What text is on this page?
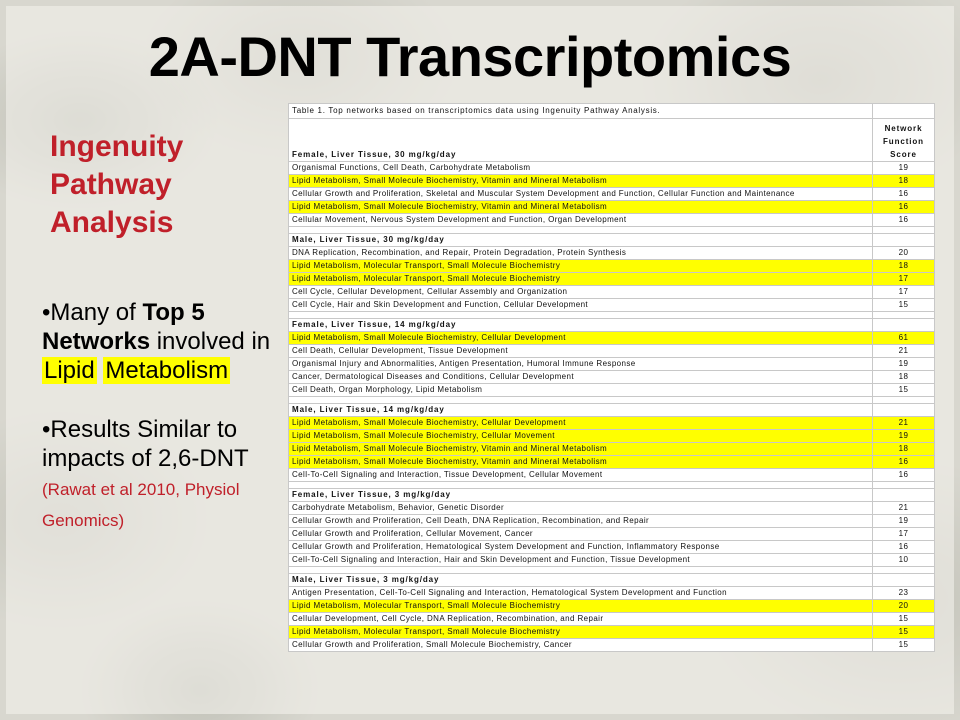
2A-DNT Transcriptomics
Ingenuity
Pathway
Analysis
•Many of Top 5 Networks involved in Lipid Metabolism
•Results Similar to impacts of 2,6-DNT (Rawat et al 2010, Physiol Genomics)
Table 1. Top networks based on transcriptomics data using Ingenuity Pathway Analysis.	
Female, Liver Tissue, 30 mg/kg/day	Network
Function
Score

Organismal Functions, Cell Death, Carbohydrate Metabolism	19
Lipid Metabolism, Small Molecule Biochemistry, Vitamin and Mineral Metabolism	18
Cellular Growth and Proliferation, Skeletal and Muscular System Development and Function, Cellular Function and Maintenance	16
Lipid Metabolism, Small Molecule Biochemistry, Vitamin and Mineral Metabolism	16
Cellular Movement, Nervous System Development and Function, Organ Development	16

Male, Liver Tissue, 30 mg/kg/day	
DNA Replication, Recombination, and Repair, Protein Degradation, Protein Synthesis	20
Lipid Metabolism, Molecular Transport, Small Molecule Biochemistry	18
Lipid Metabolism, Molecular Transport, Small Molecule Biochemistry	17
Cell Cycle, Cellular Development, Cellular Assembly and Organization	17
Cell Cycle, Hair and Skin Development and Function, Cellular Development	15

Female, Liver Tissue, 14 mg/kg/day	
Lipid Metabolism, Small Molecule Biochemistry, Cellular Development	61
Cell Death, Cellular Development, Tissue Development	21
Organismal Injury and Abnormalities, Antigen Presentation, Humoral Immune Response	19
Cancer, Dermatological Diseases and Conditions, Cellular Development	18
Cell Death, Organ Morphology, Lipid Metabolism	15

Male, Liver Tissue, 14 mg/kg/day	
Lipid Metabolism, Small Molecule Biochemistry, Cellular Development	21
Lipid Metabolism, Small Molecule Biochemistry, Cellular Movement	19
Lipid Metabolism, Small Molecule Biochemistry, Vitamin and Mineral Metabolism	18
Lipid Metabolism, Small Molecule Biochemistry, Vitamin and Mineral Metabolism	16
Cell-To-Cell Signaling and Interaction, Tissue Development, Cellular Movement	16

Female, Liver Tissue, 3 mg/kg/day	
Carbohydrate Metabolism, Behavior, Genetic Disorder	21
Cellular Growth and Proliferation, Cell Death, DNA Replication, Recombination, and Repair	19
Cellular Growth and Proliferation, Cellular Movement, Cancer	17
Cellular Growth and Proliferation, Hematological System Development and Function, Inflammatory Response	16
Cell-To-Cell Signaling and Interaction, Hair and Skin Development and Function, Tissue Development	10

Male, Liver Tissue, 3 mg/kg/day	
Antigen Presentation, Cell-To-Cell Signaling and Interaction, Hematological System Development and Function	23
Lipid Metabolism, Molecular Transport, Small Molecule Biochemistry	20
Cellular Development, Cell Cycle, DNA Replication, Recombination, and Repair	15
Lipid Metabolism, Molecular Transport, Small Molecule Biochemistry	15
Cellular Growth and Proliferation, Small Molecule Biochemistry, Cancer	15
